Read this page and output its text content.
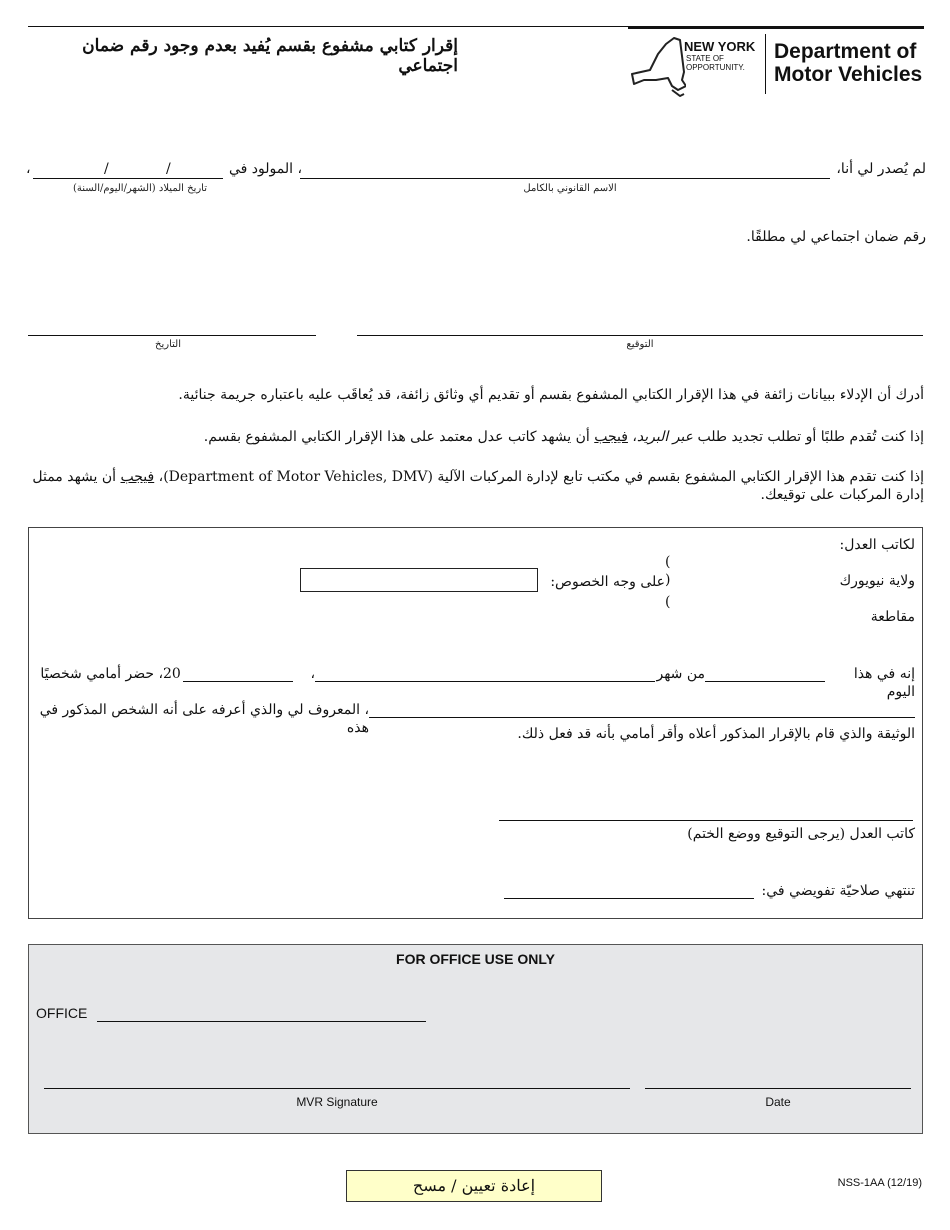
إقرار كتابي مشفوع بقسم يُفيد بعدم وجود رقم ضمان اجتماعي
NEW YORK
STATE OF
OPPORTUNITY.
Department of
Motor Vehicles
لم يُصدر لي أنا،
، المولود في
/	/
،
الاسم القانوني بالكامل
تاريخ الميلاد (الشهر/اليوم/السنة)
رقم ضمان اجتماعي لي مطلقًا.
التوقيع
التاريخ
أدرك أن الإدلاء ببيانات زائفة في هذا الإقرار الكتابي المشفوع بقسم أو تقديم أي وثائق زائفة، قد يُعاقَب عليه باعتباره جريمة جنائية.
إذا كنت تُقدم طلبًا أو تطلب تجديد طلب عبر البريد، فيجب أن يشهد كاتب عدل معتمد على هذا الإقرار الكتابي المشفوع بقسم.
إذا كنت تقدم هذا الإقرار الكتابي المشفوع بقسم في مكتب تابع لإدارة المركبات الآلية (Department of Motor Vehicles, DMV)، فيجب أن يشهد ممثل إدارة المركبات على توقيعك.
لكاتب العدل:
ولاية نيويورك
مقاطعة
(
)
(
على وجه الخصوص:
إنه في هذا اليوم
من شهر
،
20
، حضر أمامي شخصيًا
، المعروف لي والذي أعرفه على أنه الشخص المذكور في هذه	الوثيقة والذي قام بالإقرار المذكور أعلاه وأقر أمامي بأنه قد فعل ذلك.
كاتب العدل (يرجى التوقيع ووضع الختم)
تنتهي صلاحيّة تفويضي في:
FOR OFFICE USE ONLY
OFFICE
MVR Signature	Date
إعادة تعيين / مسح	NSS-1AA (12/19)
